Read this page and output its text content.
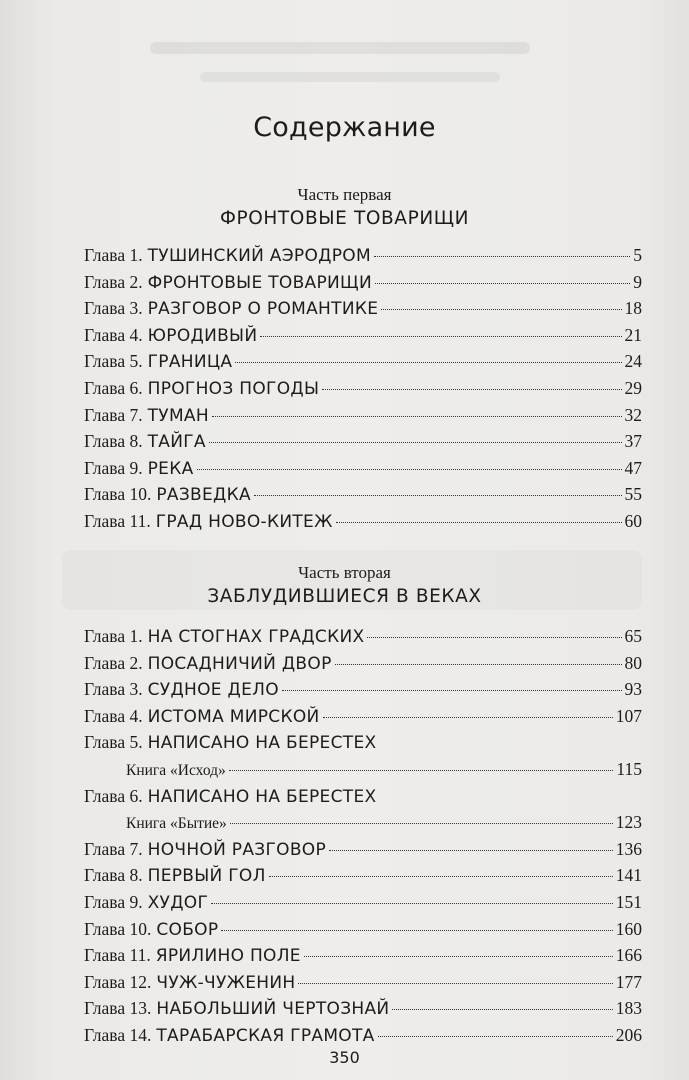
Содержание
Часть первая
ФРОНТОВЫЕ ТОВАРИЩИ
Глава 1. ТУШИНСКИЙ АЭРОДРОМ	5
Глава 2. ФРОНТОВЫЕ ТОВАРИЩИ	9
Глава 3. РАЗГОВОР О РОМАНТИКЕ	18
Глава 4. ЮРОДИВЫЙ	21
Глава 5. ГРАНИЦА	24
Глава 6. ПРОГНОЗ ПОГОДЫ	29
Глава 7. ТУМАН	32
Глава 8. ТАЙГА	37
Глава 9. РЕКА	47
Глава 10. РАЗВЕДКА	55
Глава 11. ГРАД НОВО-КИТЕЖ	60
Часть вторая
ЗАБЛУДИВШИЕСЯ В ВЕКАХ
Глава 1. НА СТОГНАХ ГРАДСКИХ	65
Глава 2. ПОСАДНИЧИЙ ДВОР	80
Глава 3. СУДНОЕ ДЕЛО	93
Глава 4. ИСТОМА МИРСКОЙ	107
Глава 5. НАПИСАНО НА БЕРЕСТЕХ
Книга «Исход»	115
Глава 6. НАПИСАНО НА БЕРЕСТЕХ
Книга «Бытие»	123
Глава 7. НОЧНОЙ РАЗГОВОР	136
Глава 8. ПЕРВЫЙ ГОЛ	141
Глава 9. ХУДОГ	151
Глава 10. СОБОР	160
Глава 11. ЯРИЛИНО ПОЛЕ	166
Глава 12. ЧУЖ-ЧУЖЕНИН	177
Глава 13. НАБОЛЬШИЙ ЧЕРТОЗНАЙ	183
Глава 14. ТАРАБАРСКАЯ ГРАМОТА	206
350
